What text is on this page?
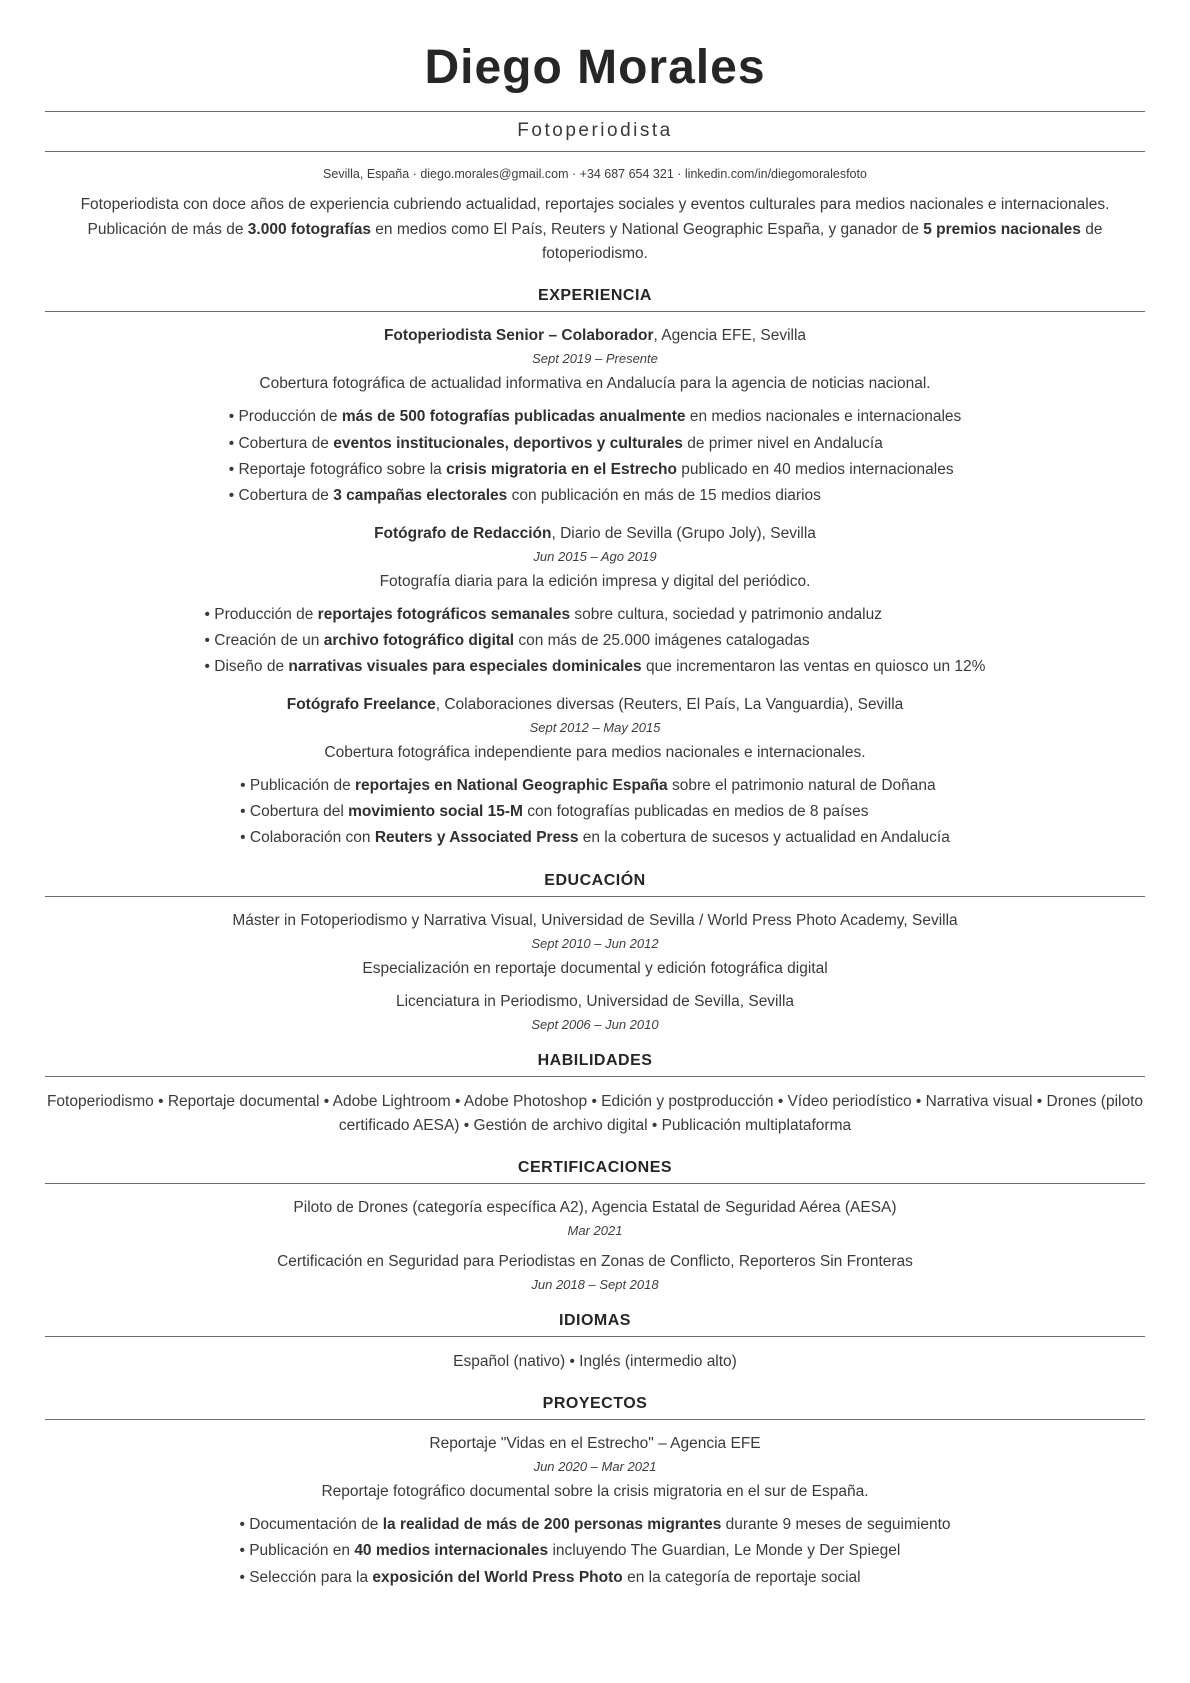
Diego Morales
Fotoperiodista
Sevilla, España · diego.morales@gmail.com · +34 687 654 321 · linkedin.com/in/diegomoralesfoto

Fotoperiodista con doce años de experiencia cubriendo actualidad, reportajes sociales y eventos culturales para medios nacionales e internacionales. Publicación de más de 3.000 fotografías en medios como El País, Reuters y National Geographic España, y ganador de 5 premios nacionales de fotoperiodismo.

EXPERIENCIA

Fotoperiodista Senior – Colaborador, Agencia EFE, Sevilla

Sept 2019 – Presente
Cobertura fotográfica de actualidad informativa en Andalucía para la agencia de noticias nacional.
• Producción de más de 500 fotografías publicadas anualmente en medios nacionales e internacionales
• Cobertura de eventos institucionales, deportivos y culturales de primer nivel en Andalucía
• Reportaje fotográfico sobre la crisis migratoria en el Estrecho publicado en 40 medios internacionales
• Cobertura de 3 campañas electorales con publicación en más de 15 medios diarios

Fotógrafo de Redacción, Diario de Sevilla (Grupo Joly), Sevilla

Jun 2015 – Ago 2019
Fotografía diaria para la edición impresa y digital del periódico.
• Producción de reportajes fotográficos semanales sobre cultura, sociedad y patrimonio andaluz
• Creación de un archivo fotográfico digital con más de 25.000 imágenes catalogadas
• Diseño de narrativas visuales para especiales dominicales que incrementaron las ventas en quiosco un 12%

Fotógrafo Freelance, Colaboraciones diversas (Reuters, El País, La Vanguardia), Sevilla

Sept 2012 – May 2015
Cobertura fotográfica independiente para medios nacionales e internacionales.
• Publicación de reportajes en National Geographic España sobre el patrimonio natural de Doñana
• Cobertura del movimiento social 15-M con fotografías publicadas en medios de 8 países
• Colaboración con Reuters y Associated Press en la cobertura de sucesos y actualidad en Andalucía
EDUCACIÓN

Máster in Fotoperiodismo y Narrativa Visual, Universidad de Sevilla / World Press Photo Academy, Sevilla

Sept 2010 – Jun 2012
Especialización en reportaje documental y edición fotográfica digital

Licenciatura in Periodismo, Universidad de Sevilla, Sevilla

Sept 2006 – Jun 2010
HABILIDADES
Fotoperiodismo • Reportaje documental • Adobe Lightroom • Adobe Photoshop • Edición y postproducción • Vídeo periodístico • Narrativa visual • Drones (piloto certificado AESA) • Gestión de archivo digital • Publicación multiplataforma
CERTIFICACIONES

Piloto de Drones (categoría específica A2), Agencia Estatal de Seguridad Aérea (AESA)

Mar 2021

Certificación en Seguridad para Periodistas en Zonas de Conflicto, Reporteros Sin Fronteras

Jun 2018 – Sept 2018
IDIOMAS
Español (nativo) • Inglés (intermedio alto)
PROYECTOS

Reportaje "Vidas en el Estrecho" – Agencia EFE

Jun 2020 – Mar 2021
Reportaje fotográfico documental sobre la crisis migratoria en el sur de España.
• Documentación de la realidad de más de 200 personas migrantes durante 9 meses de seguimiento
• Publicación en 40 medios internacionales incluyendo The Guardian, Le Monde y Der Spiegel
• Selección para la exposición del World Press Photo en la categoría de reportaje social
